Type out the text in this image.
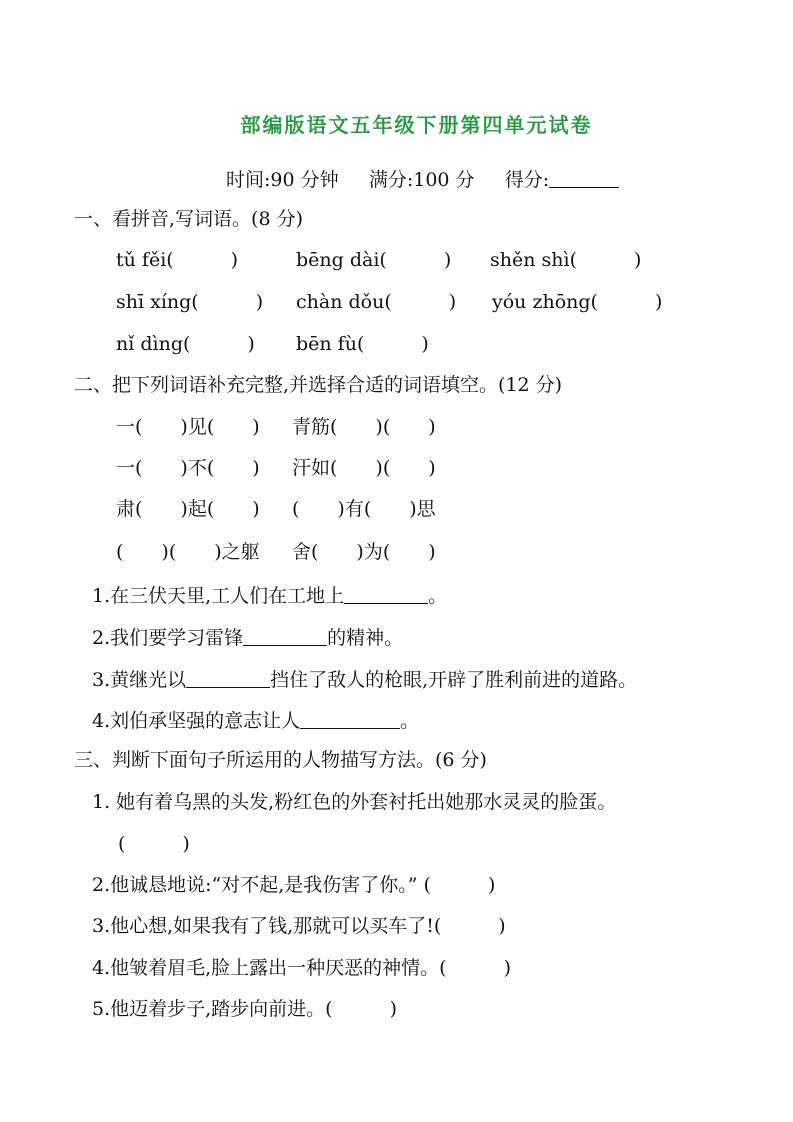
部编版语文五年级下册第四单元试卷
时间:90 分钟 满分:100 分 得分:
一、看拼音,写词语。(8 分)
tǔ fěi(　　　)	bēng dài(　　　) shěn shì(　　　)
shī xíng(　　　) chàn dǒu(　　　) yóu zhōng(　　　)
nǐ dìng(　　　) bēn fù(　　　)
二、把下列词语补充完整,并选择合适的词语填空。(12 分)
一(　　)见(　　) 青筋(　　)(　　)
一(　　)不(　　) 汗如(　　)(　　)
肃(　　)起(　　) (　　)有(　　)思
(　　)(　　)之躯 舍(　　)为(　　)
1.在三伏天里,工人们在工地上	。
2.我们要学习雷锋	的精神。
3.黄继光以	挡住了敌人的枪眼,开辟了胜利前进的道路。
4.刘伯承坚强的意志让人	。
三、判断下面句子所运用的人物描写方法。(6 分)
1. 她有着乌黑的头发,粉红色的外套衬托出她那水灵灵的脸蛋。
(　　　)
2.他诚恳地说:“对不起,是我伤害了你。” (　　　)
3.他心想,如果我有了钱,那就可以买车了!(　　　)
4.他皱着眉毛,脸上露出一种厌恶的神情。(　　　)
5.他迈着步子,踏步向前进。(　　　)
